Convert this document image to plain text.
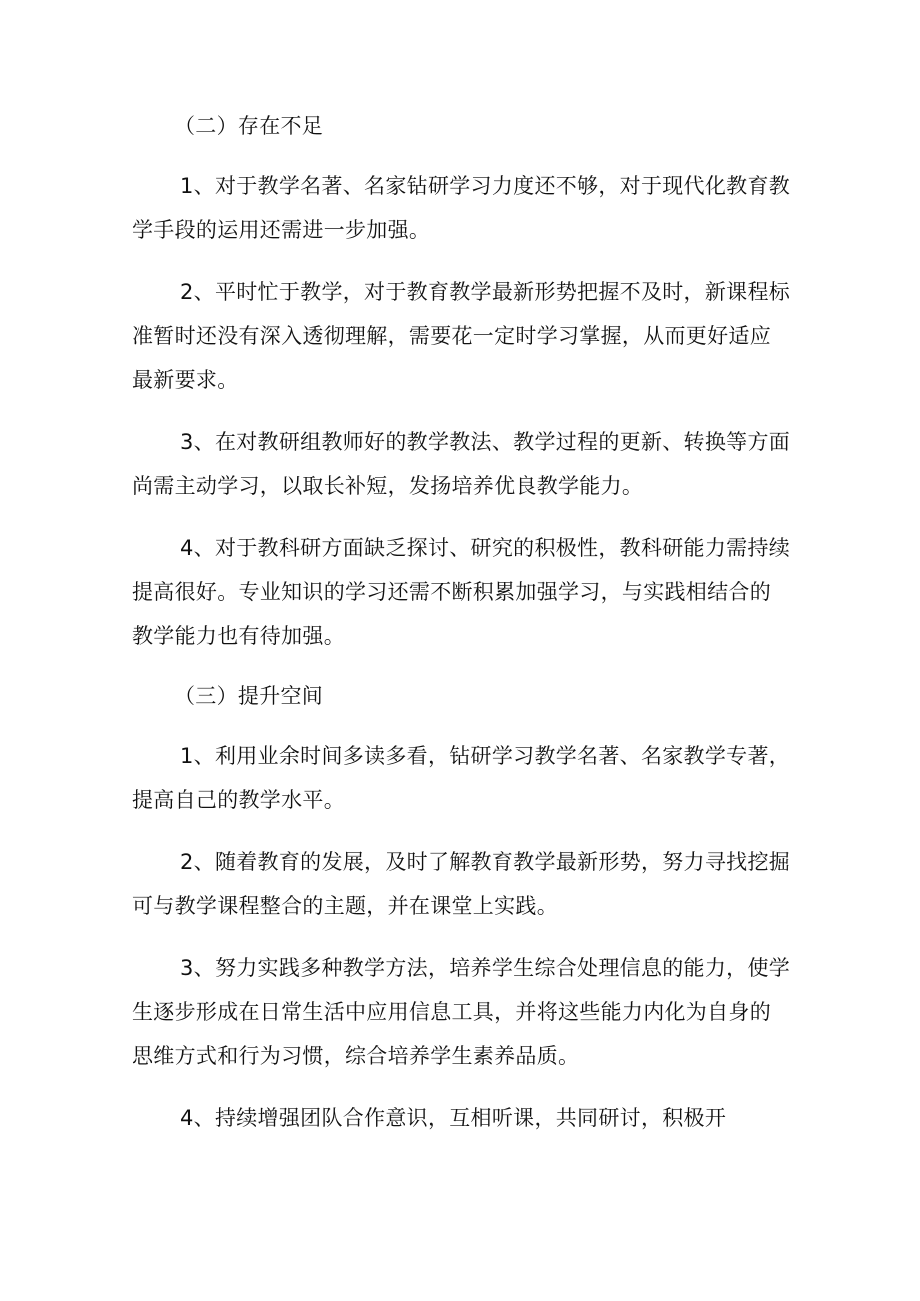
（二）存在不足

1、对于教学名著、名家钻研学习力度还不够，对于现代化教育教学手段的运用还需进一步加强。

2、平时忙于教学，对于教育教学最新形势把握不及时，新课程标准暂时还没有深入透彻理解，需要花一定时学习掌握，从而更好适应最新要求。

3、在对教研组教师好的教学教法、教学过程的更新、转换等方面尚需主动学习，以取长补短，发扬培养优良教学能力。

4、对于教科研方面缺乏探讨、研究的积极性，教科研能力需持续提高很好。专业知识的学习还需不断积累加强学习，与实践相结合的教学能力也有待加强。

（三）提升空间

1、利用业余时间多读多看，钻研学习教学名著、名家教学专著，提高自己的教学水平。

2、随着教育的发展，及时了解教育教学最新形势，努力寻找挖掘可与教学课程整合的主题，并在课堂上实践。

3、努力实践多种教学方法，培养学生综合处理信息的能力，使学生逐步形成在日常生活中应用信息工具，并将这些能力内化为自身的思维方式和行为习惯，综合培养学生素养品质。

4、持续增强团队合作意识，互相听课，共同研讨，积极开
